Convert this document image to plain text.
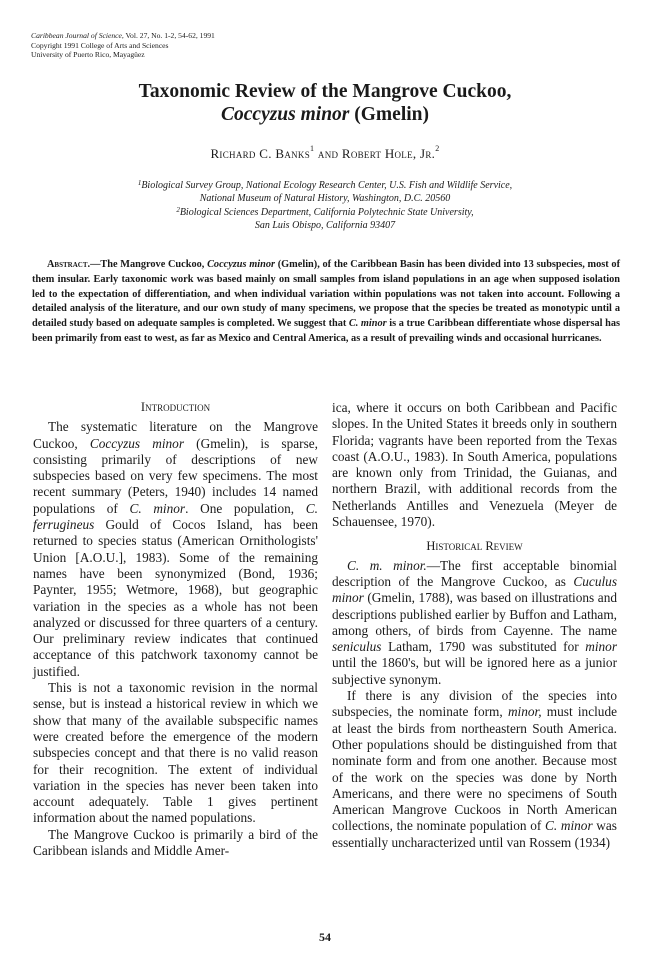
Caribbean Journal of Science, Vol. 27, No. 1-2, 54-62, 1991
Copyright 1991 College of Arts and Sciences
University of Puerto Rico, Mayagüez
Taxonomic Review of the Mangrove Cuckoo,
Coccyzus minor (Gmelin)
Richard C. Banks$^1$ and Robert Hole, Jr.$^2$
$^1$Biological Survey Group, National Ecology Research Center, U.S. Fish and Wildlife Service,
National Museum of Natural History, Washington, D.C. 20560
$^2$Biological Sciences Department, California Polytechnic State University,
San Luis Obispo, California 93407
Abstract.—The Mangrove Cuckoo, Coccyzus minor (Gmelin), of the Caribbean Basin has been divided into 13 subspecies, most of them insular. Early taxonomic work was based mainly on small samples from island populations in an age when supposed isolation led to the expectation of differentiation, and when individual variation within populations was not taken into account. Following a detailed analysis of the literature, and our own study of many specimens, we propose that the species be treated as monotypic until a detailed study based on adequate samples is completed. We suggest that C. minor is a true Caribbean differentiate whose dispersal has been primarily from east to west, as far as Mexico and Central America, as a result of prevailing winds and occasional hurricanes.
Introduction

The systematic literature on the Mangrove Cuckoo, Coccyzus minor (Gmelin), is sparse, consisting primarily of descriptions of new subspecies based on very few specimens. The most recent summary (Peters, 1940) includes 14 named populations of C. minor. One population, C. ferrugineus Gould of Cocos Island, has been returned to species status (American Ornithologists' Union [A.O.U.], 1983). Some of the remaining names have been synonymized (Bond, 1936; Paynter, 1955; Wetmore, 1968), but geographic variation in the species as a whole has not been analyzed or discussed for three quarters of a century. Our preliminary review indicates that continued acceptance of this patchwork taxonomy cannot be justified.

This is not a taxonomic revision in the normal sense, but is instead a historical review in which we show that many of the available subspecific names were created before the emergence of the modern subspecies concept and that there is no valid reason for their recognition. The extent of individual variation in the species has never been taken into account adequately. Table 1 gives pertinent information about the named populations.

The Mangrove Cuckoo is primarily a bird of the Caribbean islands and Middle Amer-

ica, where it occurs on both Caribbean and Pacific slopes. In the United States it breeds only in southern Florida; vagrants have been reported from the Texas coast (A.O.U., 1983). In South America, populations are known only from Trinidad, the Guianas, and northern Brazil, with additional records from the Netherlands Antilles and Venezuela (Meyer de Schauensee, 1970).

Historical Review

C. m. minor.—The first acceptable binomial description of the Mangrove Cuckoo, as Cuculus minor (Gmelin, 1788), was based on illustrations and descriptions published earlier by Buffon and Latham, among others, of birds from Cayenne. The name seniculus Latham, 1790 was substituted for minor until the 1860's, but will be ignored here as a junior subjective synonym.

If there is any division of the species into subspecies, the nominate form, minor, must include at least the birds from northeastern South America. Other populations should be distinguished from that nominate form and from one another. Because most of the work on the species was done by North Americans, and there were no specimens of South American Mangrove Cuckoos in North American collections, the nominate population of C. minor was essentially uncharacterized until van Rossem (1934)

54
